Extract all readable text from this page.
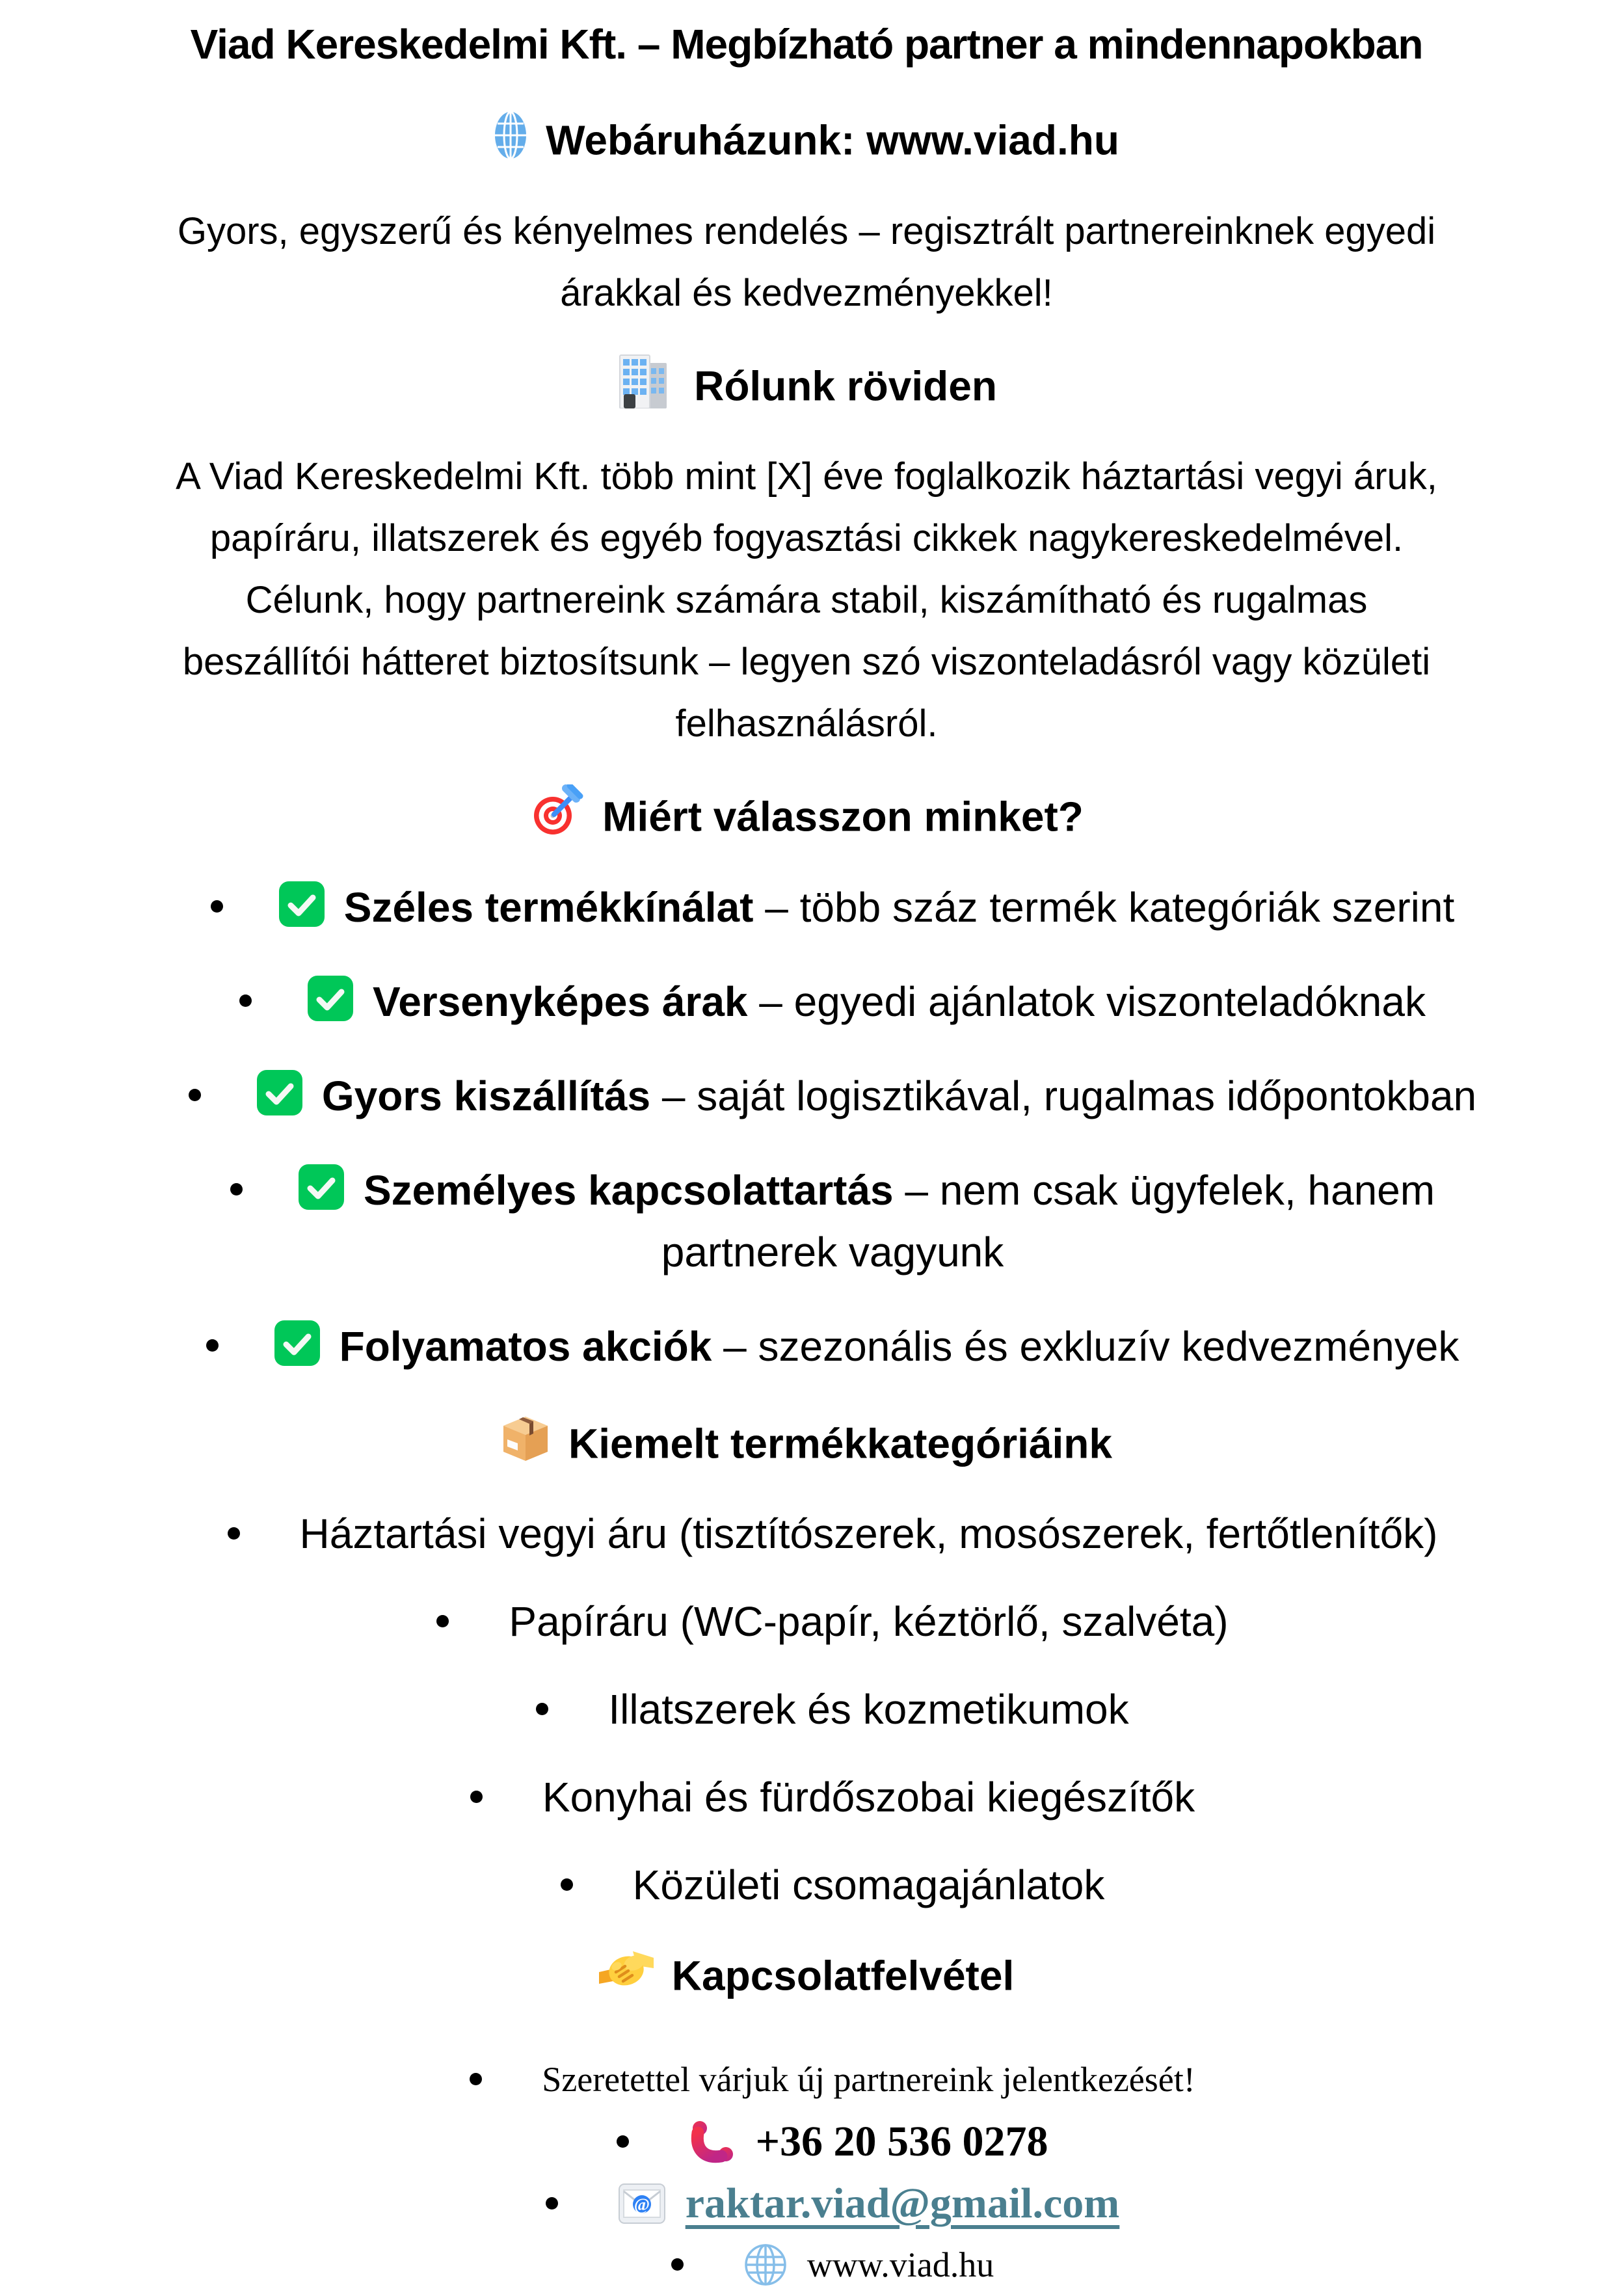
Viad Kereskedelmi Kft. – Megbízható partner a mindennapokban
Webáruházunk: www.viad.hu
Gyors, egyszerű és kényelmes rendelés – regisztrált partnereinknek egyedi
árakkal és kedvezményekkel!
Rólunk röviden
A Viad Kereskedelmi Kft. több mint [X] éve foglalkozik háztartási vegyi áruk,
papíráru, illatszerek és egyéb fogyasztási cikkek nagykereskedelmével.
Célunk, hogy partnereink számára stabil, kiszámítható és rugalmas
beszállítói hátteret biztosítsunk – legyen szó viszonteladásról vagy közületi
felhasználásról.
Miért válasszon minket?
Széles termékkínálat – több száz termék kategóriák szerint
Versenyképes árak – egyedi ajánlatok viszonteladóknak
Gyors kiszállítás – saját logisztikával, rugalmas időpontokban
Személyes kapcsolattartás – nem csak ügyfelek, hanem
partnerek vagyunk
Folyamatos akciók – szezonális és exkluzív kedvezmények
Kiemelt termékkategóriáink
Háztartási vegyi áru (tisztítószerek, mosószerek, fertőtlenítők)
Papíráru (WC-papír, kéztörlő, szalvéta)
Illatszerek és kozmetikumok
Konyhai és fürdőszobai kiegészítők
Közületi csomagajánlatok
Kapcsolatfelvétel
Szeretettel várjuk új partnereink jelentkezését!
+36 20 536 0278
@ raktar.viad@gmail.com
www.viad.hu
